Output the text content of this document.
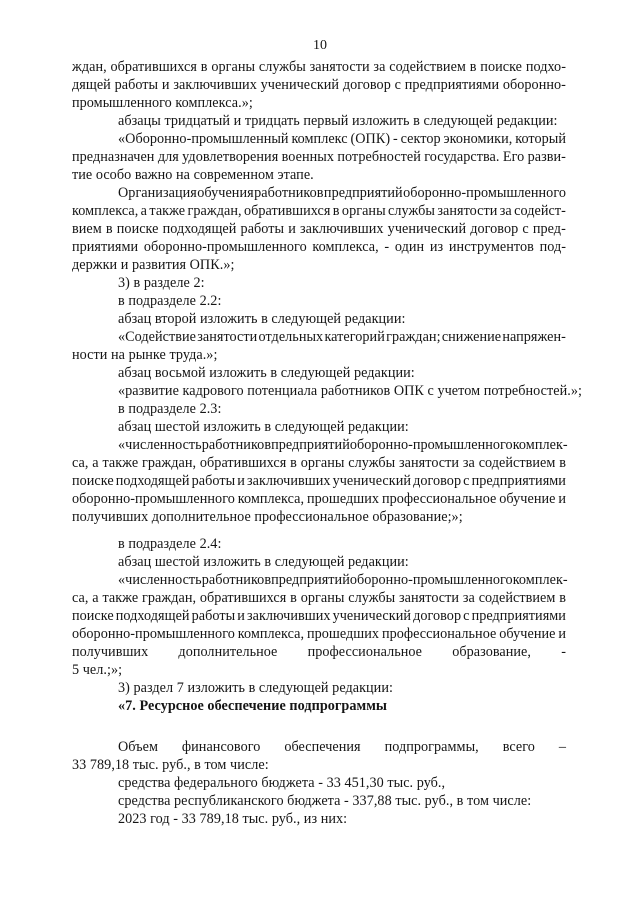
10
ждан, обратившихся в органы службы занятости за содействием в поиске подхо-
дящей работы и заключивших ученический договор с предприятиями оборонно-
промышленного комплекса.»;
абзацы тридцатый и тридцать первый изложить в следующей редакции:
«Оборонно-промышленный комплекс (ОПК) - сектор экономики, который
предназначен для удовлетворения военных потребностей государства. Его разви-
тие особо важно на современном этапе.
Организация обучения работников предприятий оборонно-промышленного
комплекса, а также граждан, обратившихся в органы службы занятости за содейст-
вием в поиске подходящей работы и заключивших ученический договор с пред-
приятиями оборонно-промышленного комплекса, - один из инструментов под-
держки и развития ОПК.»;
3) в разделе 2:
в подразделе 2.2:
абзац второй изложить в следующей редакции:
«Содействие занятости отдельных категорий граждан; снижение напряжен-
ности на рынке труда.»;
абзац восьмой изложить в следующей редакции:
«развитие кадрового потенциала работников ОПК с учетом потребностей.»;
в подразделе 2.3:
абзац шестой изложить в следующей редакции:
«численность работников предприятий оборонно-промышленного комплек-
са, а также граждан, обратившихся в органы службы занятости за содействием в
поиске подходящей работы и заключивших ученический договор с предприятиями
оборонно-промышленного комплекса, прошедших профессиональное обучение и
получивших дополнительное профессиональное образование;»;
в подразделе 2.4:
абзац шестой изложить в следующей редакции:
«численность работников предприятий оборонно-промышленного комплек-
са, а также граждан, обратившихся в органы службы занятости за содействием в
поиске подходящей работы и заключивших ученический договор с предприятиями
оборонно-промышленного комплекса, прошедших профессиональное обучение и
получивших дополнительное профессиональное образование, -
5 чел.;»;
3) раздел 7 изложить в следующей редакции:
«7. Ресурсное обеспечение подпрограммы
Объем финансового обеспечения подпрограммы, всего –
33 789,18 тыс. руб., в том числе:
средства федерального бюджета - 33 451,30 тыс. руб.,
средства республиканского бюджета - 337,88 тыс. руб., в том числе:
2023 год - 33 789,18 тыс. руб., из них:
